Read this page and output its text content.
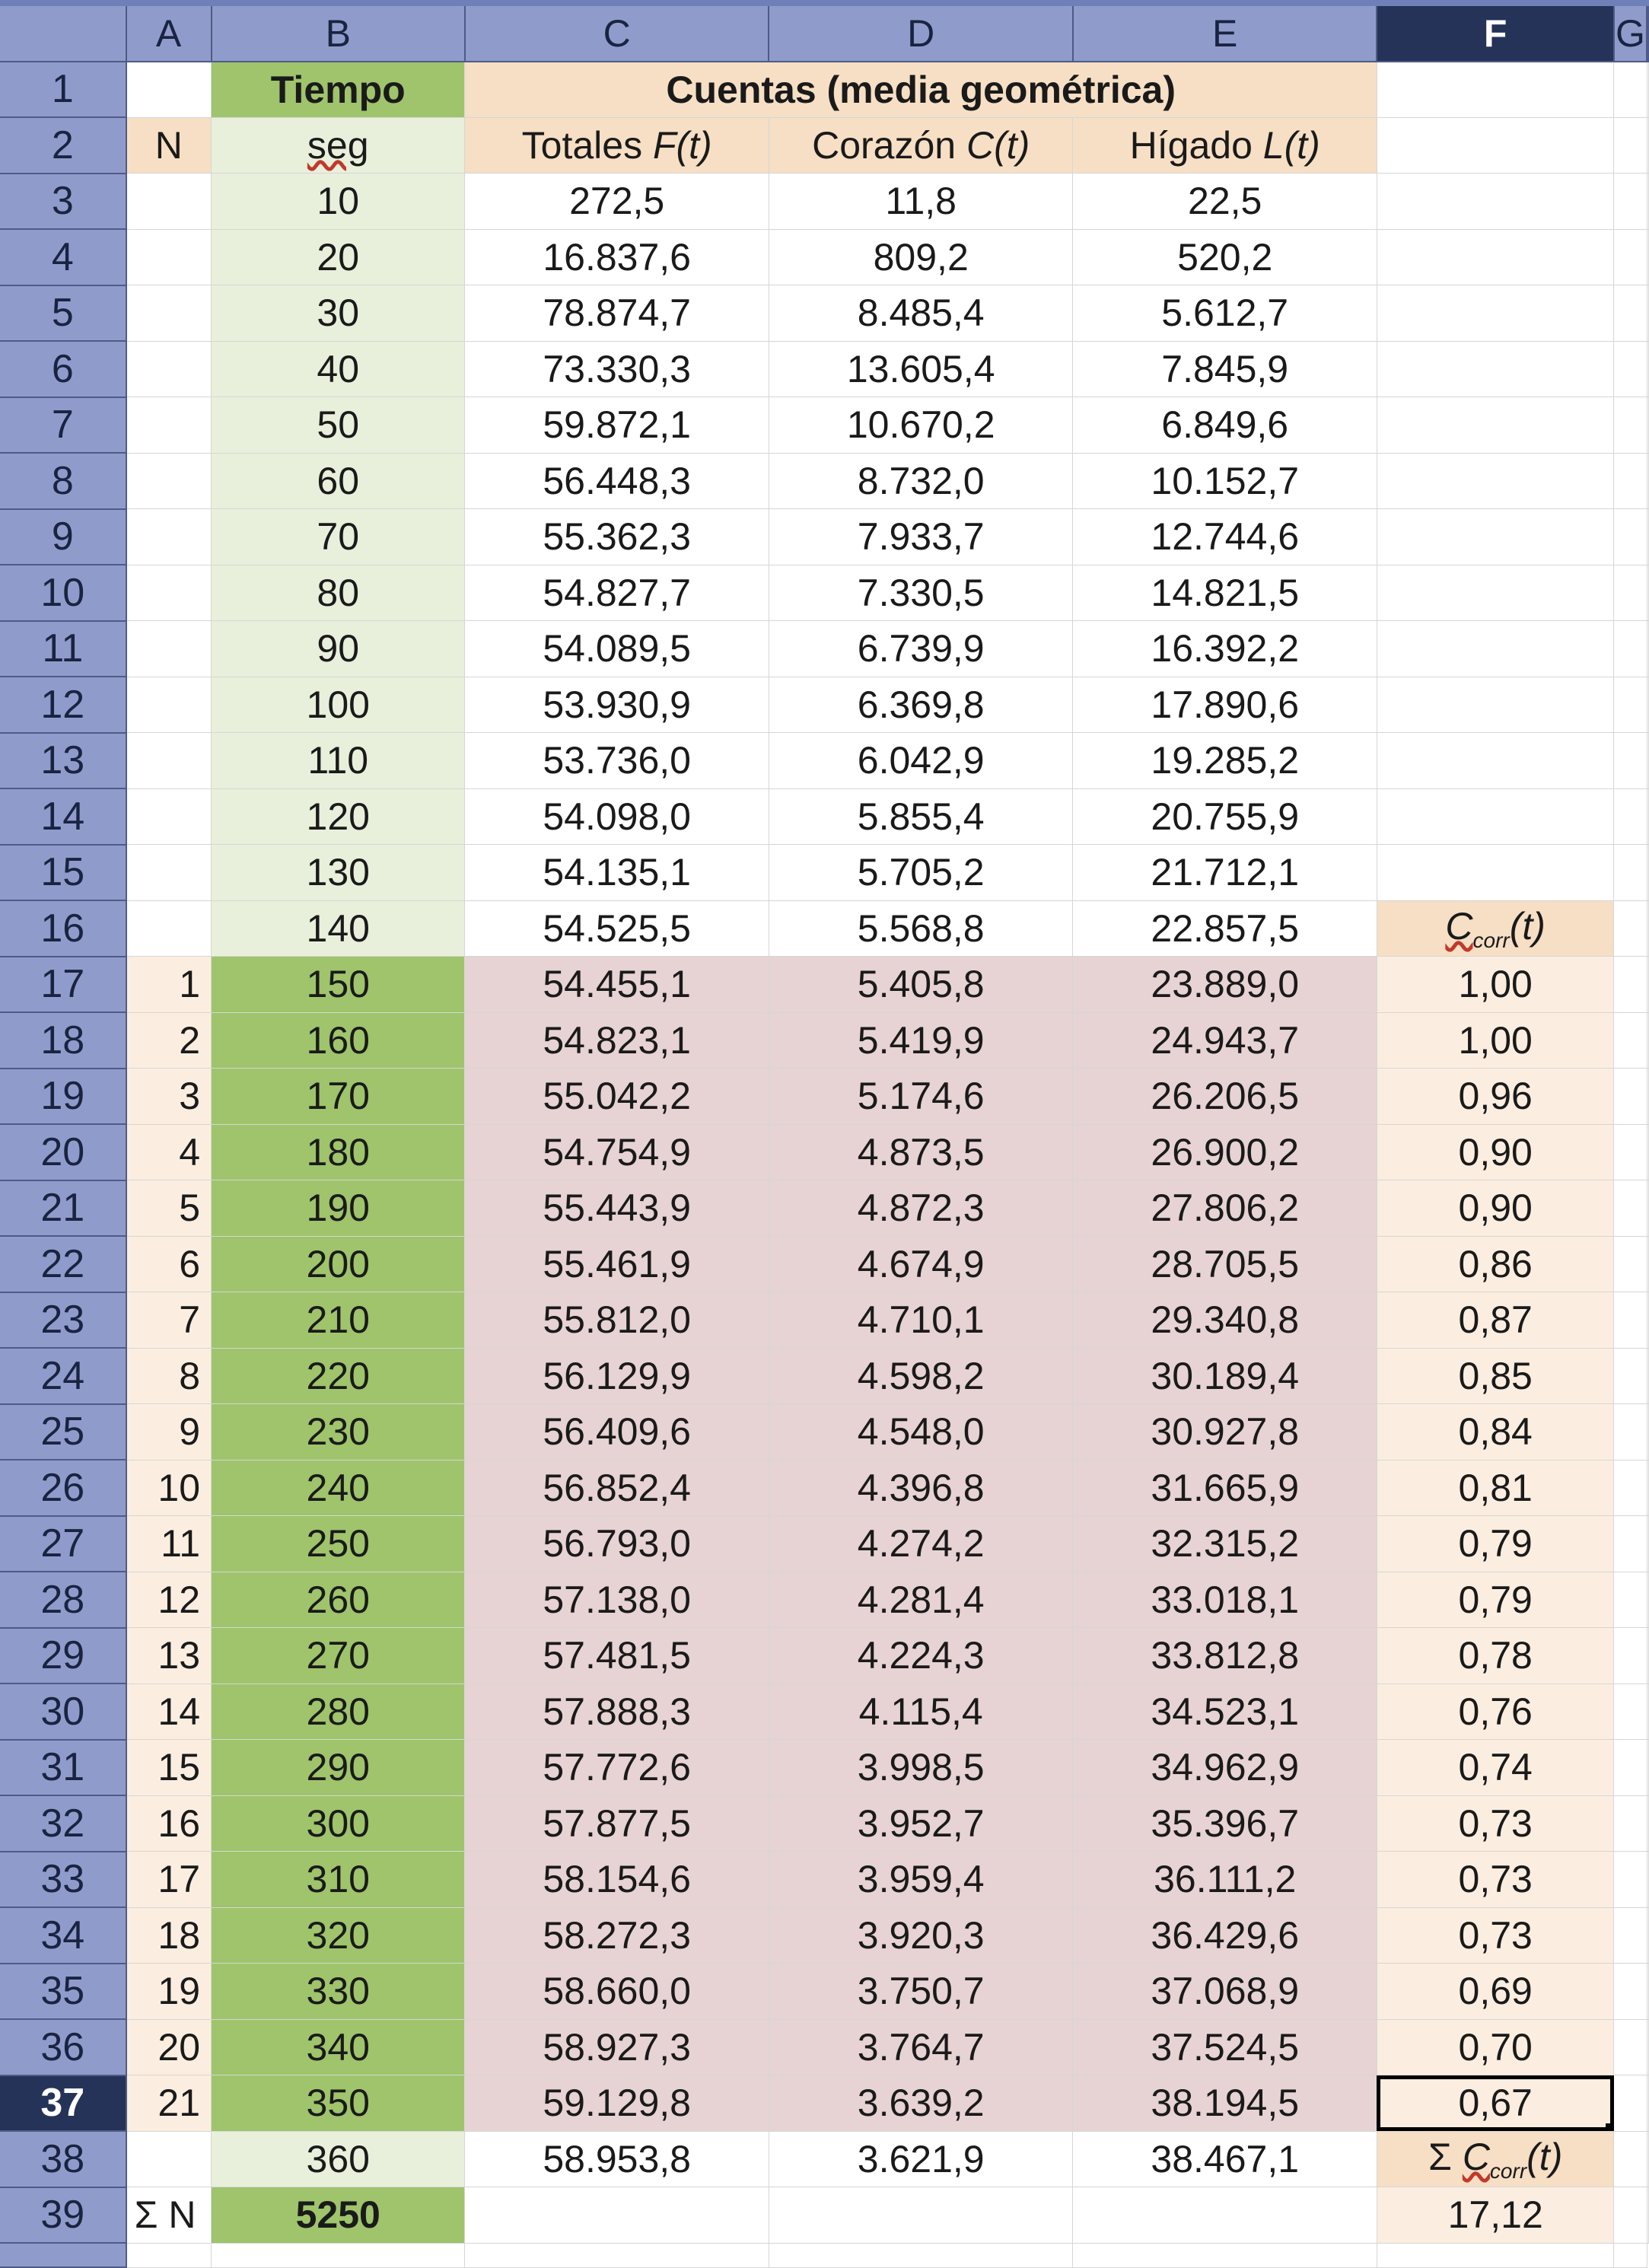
	A	B	C	D	E	F	G	
1		Tiempo	Cuentas (media geométrica)					
2	N	seg	Totales F(t)	Corazón C(t)	Hígado L(t)			
3		10	272,5	11,8	22,5			
4		20	16.837,6	809,2	520,2			
5		30	78.874,7	8.485,4	5.612,7			
6		40	73.330,3	13.605,4	7.845,9			
7		50	59.872,1	10.670,2	6.849,6			
8		60	56.448,3	8.732,0	10.152,7			
9		70	55.362,3	7.933,7	12.744,6			
10		80	54.827,7	7.330,5	14.821,5			
11		90	54.089,5	6.739,9	16.392,2			
12		100	53.930,9	6.369,8	17.890,6			
13		110	53.736,0	6.042,9	19.285,2			
14		120	54.098,0	5.855,4	20.755,9			
15		130	54.135,1	5.705,2	21.712,1			
16		140	54.525,5	5.568,8	22.857,5	$C_{corr}(t)$		
17	1	150	54.455,1	5.405,8	23.889,0	1,00		
18	2	160	54.823,1	5.419,9	24.943,7	1,00		
19	3	170	55.042,2	5.174,6	26.206,5	0,96		
20	4	180	54.754,9	4.873,5	26.900,2	0,90		
21	5	190	55.443,9	4.872,3	27.806,2	0,90		
22	6	200	55.461,9	4.674,9	28.705,5	0,86		
23	7	210	55.812,0	4.710,1	29.340,8	0,87		
24	8	220	56.129,9	4.598,2	30.189,4	0,85		
25	9	230	56.409,6	4.548,0	30.927,8	0,84		
26	10	240	56.852,4	4.396,8	31.665,9	0,81		
27	11	250	56.793,0	4.274,2	32.315,2	0,79		
28	12	260	57.138,0	4.281,4	33.018,1	0,79		
29	13	270	57.481,5	4.224,3	33.812,8	0,78		
30	14	280	57.888,3	4.115,4	34.523,1	0,76		
31	15	290	57.772,6	3.998,5	34.962,9	0,74		
32	16	300	57.877,5	3.952,7	35.396,7	0,73		
33	17	310	58.154,6	3.959,4	36.111,2	0,73		
34	18	320	58.272,3	3.920,3	36.429,6	0,73		
35	19	330	58.660,0	3.750,7	37.068,9	0,69		
36	20	340	58.927,3	3.764,7	37.524,5	0,70		
37	21	350	59.129,8	3.639,2	38.194,5	0,67

38		360	58.953,8	3.621,9	38.467,1	Σ $C_{corr}(t)$		
39	Σ N	5250				17,12		
